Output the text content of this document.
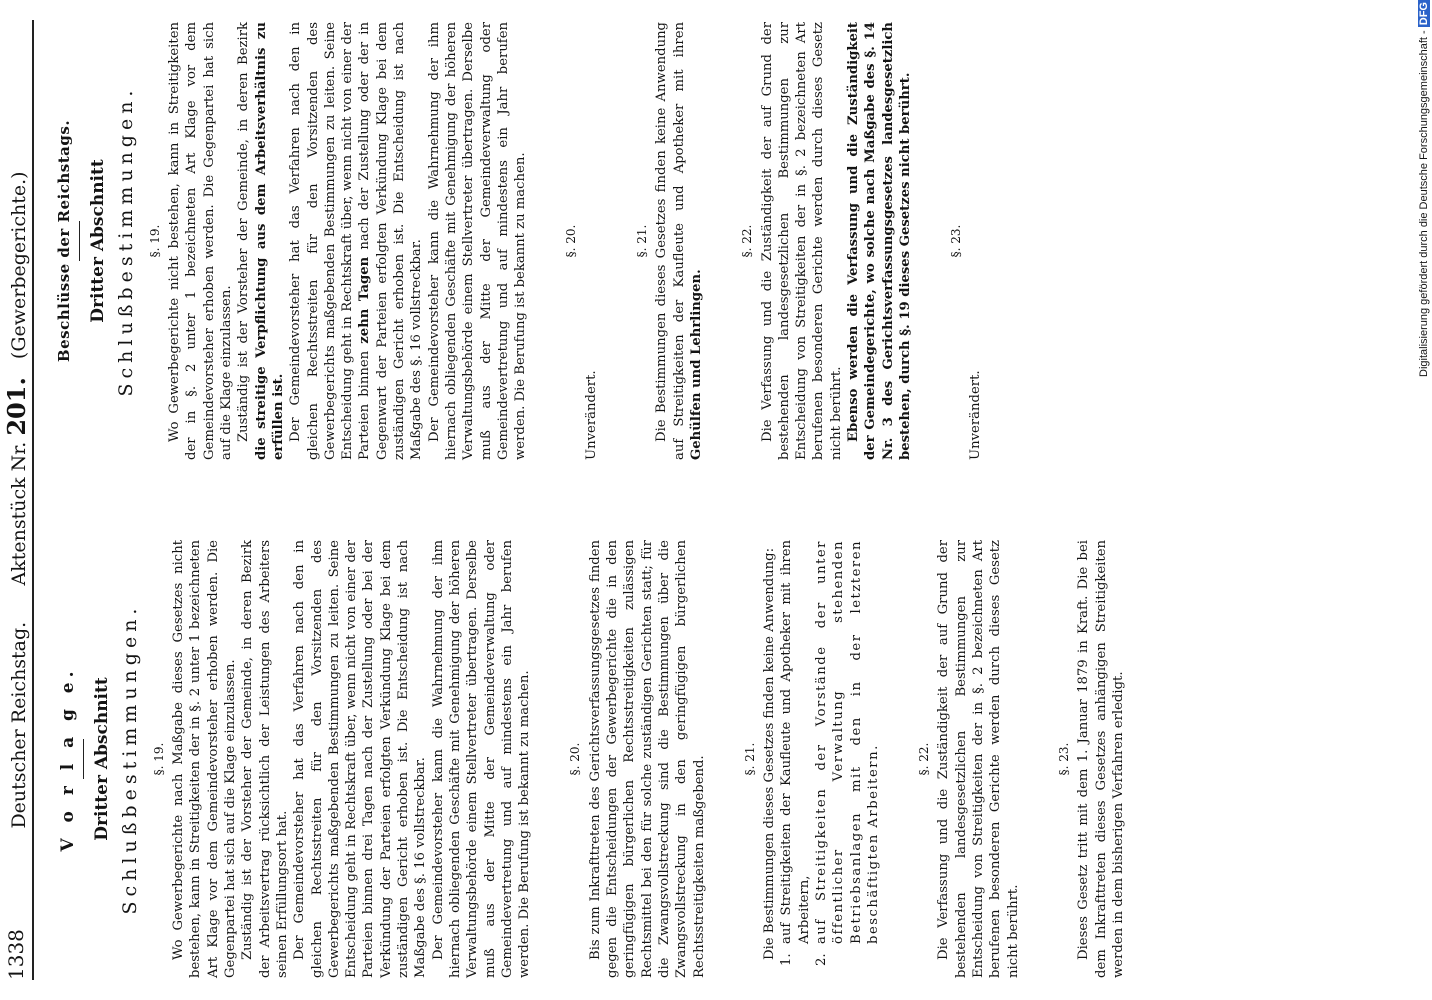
1338
Deutscher Reichstag.      Aktenstück Nr. 201.   (Gewerbegerichte.)
V o r l a g e. Dritter Abschnitt Schlußbestimmungen. §. 19. Wo Gewerbegerichte nach Maßgabe dieses Gesetzes nicht bestehen, kann in Streitigkeiten der in §. 2 unter 1 bezeichneten Art Klage vor dem Gemeindevorsteher erhoben werden. Die Gegenpartei hat sich auf die Klage einzulassen. Zuständig ist der Vorsteher der Gemeinde, in deren Bezirk der Arbeitsvertrag rücksichtlich der Leistungen des Arbeiters seinen Erfüllungsort hat. Der Gemeindevorsteher hat das Verfahren nach den in gleichen Rechtsstreiten für den Vorsitzenden des Gewerbegerichts maßgebenden Bestimmungen zu leiten. Seine Entscheidung geht in Rechtskraft über, wenn nicht von einer der Parteien binnen drei Tagen nach der Zustellung oder bei der Verkündung der Parteien erfolgten Verkündung Klage bei dem zuständigen Gericht erhoben ist. Die Entscheidung ist nach Maßgabe des §. 16 vollstreckbar. Der Gemeindevorsteher kann die Wahrnehmung der ihm hiernach obliegenden Geschäfte mit Genehmigung der höheren Verwaltungsbehörde einem Stellvertreter übertragen. Derselbe muß aus der Mitte der Gemeindeverwaltung oder Gemeindevertretung und auf mindestens ein Jahr berufen werden. Die Berufung ist bekannt zu machen.	§. 20. Bis zum Inkrafttreten des Gerichtsverfassungsgesetzes finden gegen die Entscheidungen der Gewerbegerichte die in den geringfügigen bürgerlichen Rechtsstreitigkeiten zulässigen Rechtsmittel bei den für solche zuständigen Gerichten statt; für die Zwangsvollstreckung sind die Bestimmungen über die Zwangsvollstreckung in den geringfügigen bürgerlichen Rechtsstreitigkeiten maßgebend.	§. 21. Die Bestimmungen dieses Gesetzes finden keine Anwendung: 1.
auf Streitigkeiten der Kaufleute und Apotheker mit ihren Arbeitern,

2.
auf Streitigkeiten der Vorstände der unter öffentlicher Verwaltung stehenden Betriebsanlagen mit den in der letzteren beschäftigten Arbeitern.	§. 22. Die Verfassung und die Zuständigkeit der auf Grund der bestehenden landesgesetzlichen Bestimmungen zur Entscheidung von Streitigkeiten der in §. 2 bezeichneten Art berufenen besonderen Gerichte werden durch dieses Gesetz nicht berührt.

§. 23. Dieses Gesetz tritt mit dem 1. Januar 1879 in Kraft. Die bei dem Inkrafttreten dieses Gesetzes anhängigen Streitigkeiten werden in dem bisherigen Verfahren erledigt.

Beschlüsse der Reichstags. Dritter Abschnitt Schlußbestimmungen. §. 19. Wo Gewerbegerichte nicht bestehen, kann in Streitigkeiten der in §. 2 unter 1 bezeichneten Art Klage vor dem Gemeindevorsteher erhoben werden. Die Gegenpartei hat sich auf die Klage einzulassen. Zuständig ist der Vorsteher der Gemeinde, in deren Bezirk die streitige Verpflichtung aus dem Arbeitsverhältnis zu erfüllen ist. Der Gemeindevorsteher hat das Verfahren nach den in gleichen Rechtsstreiten für den Vorsitzenden des Gewerbegerichts maßgebenden Bestimmungen zu leiten. Seine Entscheidung geht in Rechtskraft über, wenn nicht von einer der Parteien binnen zehn Tagen nach der Zustellung oder der in Gegenwart der Parteien erfolgten Verkündung Klage bei dem zuständigen Gericht erhoben ist. Die Entscheidung ist nach Maßgabe des §. 16 vollstreckbar. Der Gemeindevorsteher kann die Wahrnehmung der ihm hiernach obliegenden Geschäfte mit Genehmigung der höheren Verwaltungsbehörde einem Stellvertreter übertragen. Derselbe muß aus der Mitte der Gemeindeverwaltung oder Gemeindevertretung und auf mindestens ein Jahr berufen werden. Die Berufung ist bekannt zu machen.	§. 20.

Unverändert.

§. 21. Die Bestimmungen dieses Gesetzes finden keine Anwendung auf Streitigkeiten der Kaufleute und Apotheker mit ihren Gehülfen und Lehrlingen.

§. 22. Die Verfassung und die Zuständigkeit der auf Grund der bestehenden landesgesetzlichen Bestimmungen zur Entscheidung von Streitigkeiten der in §. 2 bezeichneten Art berufenen besonderen Gerichte werden durch dieses Gesetz nicht berührt. Ebenso werden die Verfassung und die Zuständigkeit der Gemeindegerichte, wo solche nach Maßgabe des §. 14 Nr. 3 des Gerichtsverfassungsgesetzes landesgesetzlich bestehen, durch §. 19 dieses Gesetzes nicht berührt.	§. 23.

Unverändert.

Digitalisierung gefördert durch die Deutsche Forschungsgemeinschaft - DFG
